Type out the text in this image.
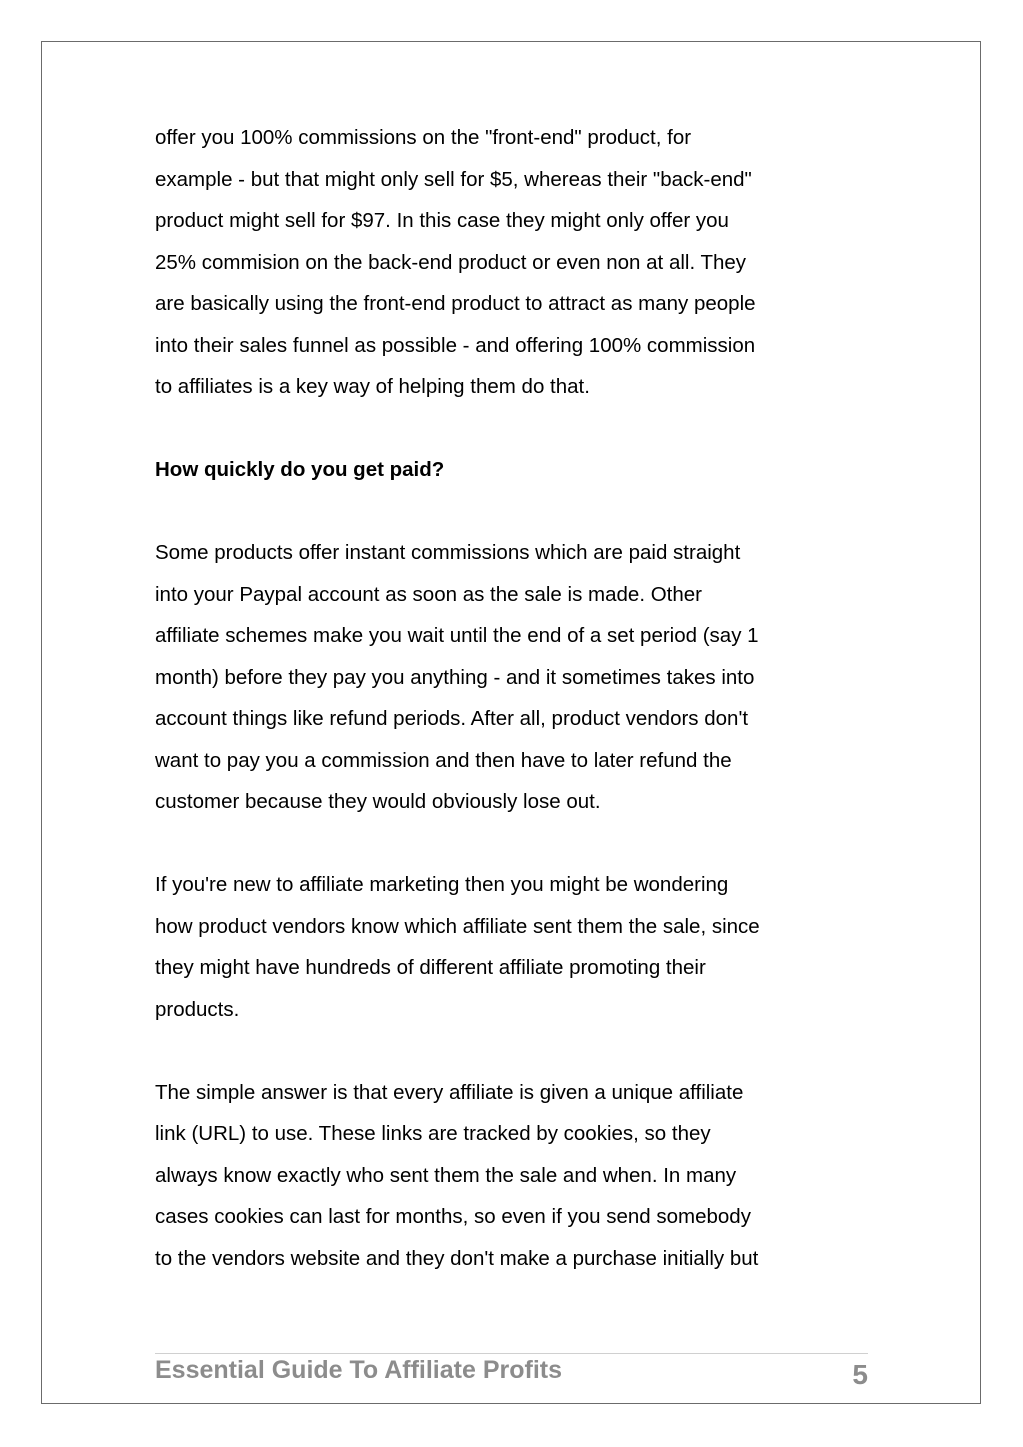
offer you 100% commissions on the "front-end" product, for
example - but that might only sell for $5, whereas their "back-end"
product might sell for $97. In this case they might only offer you
25% commision on the back-end product or even non at all. They
are basically using the front-end product to attract as many people
into their sales funnel as possible - and offering 100% commission
to affiliates is a key way of helping them do that.

How quickly do you get paid?

Some products offer instant commissions which are paid straight
into your Paypal account as soon as the sale is made. Other
affiliate schemes make you wait until the end of a set period (say 1
month) before they pay you anything - and it sometimes takes into
account things like refund periods. After all, product vendors don't
want to pay you a commission and then have to later refund the
customer because they would obviously lose out.

If you're new to affiliate marketing then you might be wondering
how product vendors know which affiliate sent them the sale, since
they might have hundreds of different affiliate promoting their
products.

The simple answer is that every affiliate is given a unique affiliate
link (URL) to use. These links are tracked by cookies, so they
always know exactly who sent them the sale and when. In many
cases cookies can last for months, so even if you send somebody
to the vendors website and they don't make a purchase initially but

Essential Guide To Affiliate Profits	5
